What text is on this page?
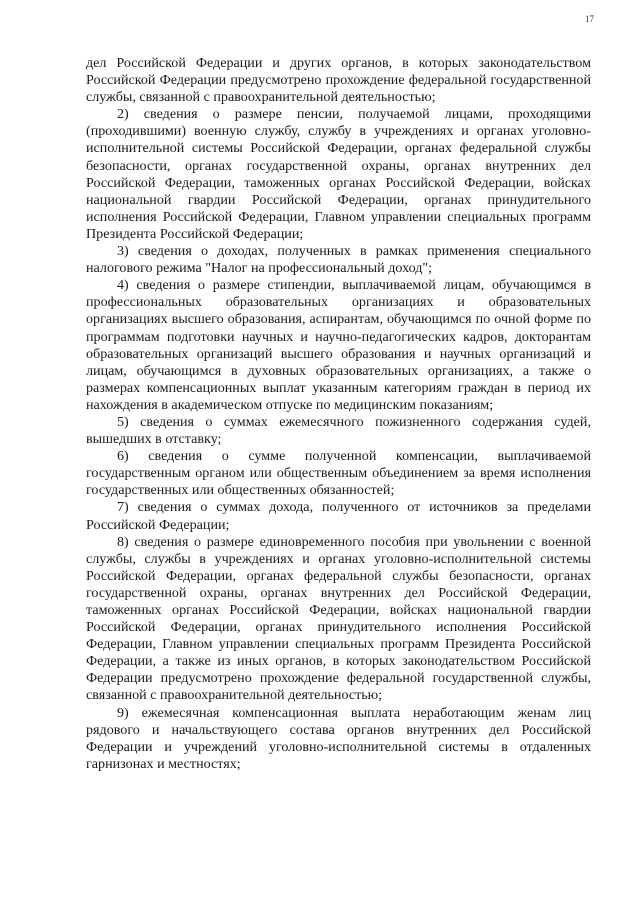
17

дел Российской Федерации и других органов, в которых законодательством Российской Федерации предусмотрено прохождение федеральной государственной службы, связанной с правоохранительной деятельностью;

2) сведения о размере пенсии, получаемой лицами, проходящими (проходившими) военную службу, службу в учреждениях и органах уголовно-исполнительной системы Российской Федерации, органах федеральной службы безопасности, органах государственной охраны, органах внутренних дел Российской Федерации, таможенных органах Российской Федерации, войсках национальной гвардии Российской Федерации, органах принудительного исполнения Российской Федерации, Главном управлении специальных программ Президента Российской Федерации;

3) сведения о доходах, полученных в рамках применения специального налогового режима "Налог на профессиональный доход";

4) сведения о размере стипендии, выплачиваемой лицам, обучающимся в профессиональных образовательных организациях и образовательных организациях высшего образования, аспирантам, обучающимся по очной форме по программам подготовки научных и научно-педагогических кадров, докторантам образовательных организаций высшего образования и научных организаций и лицам, обучающимся в духовных образовательных организациях, а также о размерах компенсационных выплат указанным категориям граждан в период их нахождения в академическом отпуске по медицинским показаниям;

5) сведения о суммах ежемесячного пожизненного содержания судей, вышедших в отставку;

6) сведения о сумме полученной компенсации, выплачиваемой государственным органом или общественным объединением за время исполнения государственных или общественных обязанностей;

7) сведения о суммах дохода, полученного от источников за пределами Российской Федерации;

8) сведения о размере единовременного пособия при увольнении с военной службы, службы в учреждениях и органах уголовно-исполнительной системы Российской Федерации, органах федеральной службы безопасности, органах государственной охраны, органах внутренних дел Российской Федерации, таможенных органах Российской Федерации, войсках национальной гвардии Российской Федерации, органах принудительного исполнения Российской Федерации, Главном управлении специальных программ Президента Российской Федерации, а также из иных органов, в которых законодательством Российской Федерации предусмотрено прохождение федеральной государственной службы, связанной с правоохранительной деятельностью;

9) ежемесячная компенсационная выплата неработающим женам лиц рядового и начальствующего состава органов внутренних дел Российской Федерации и учреждений уголовно-исполнительной системы в отдаленных гарнизонах и местностях;
